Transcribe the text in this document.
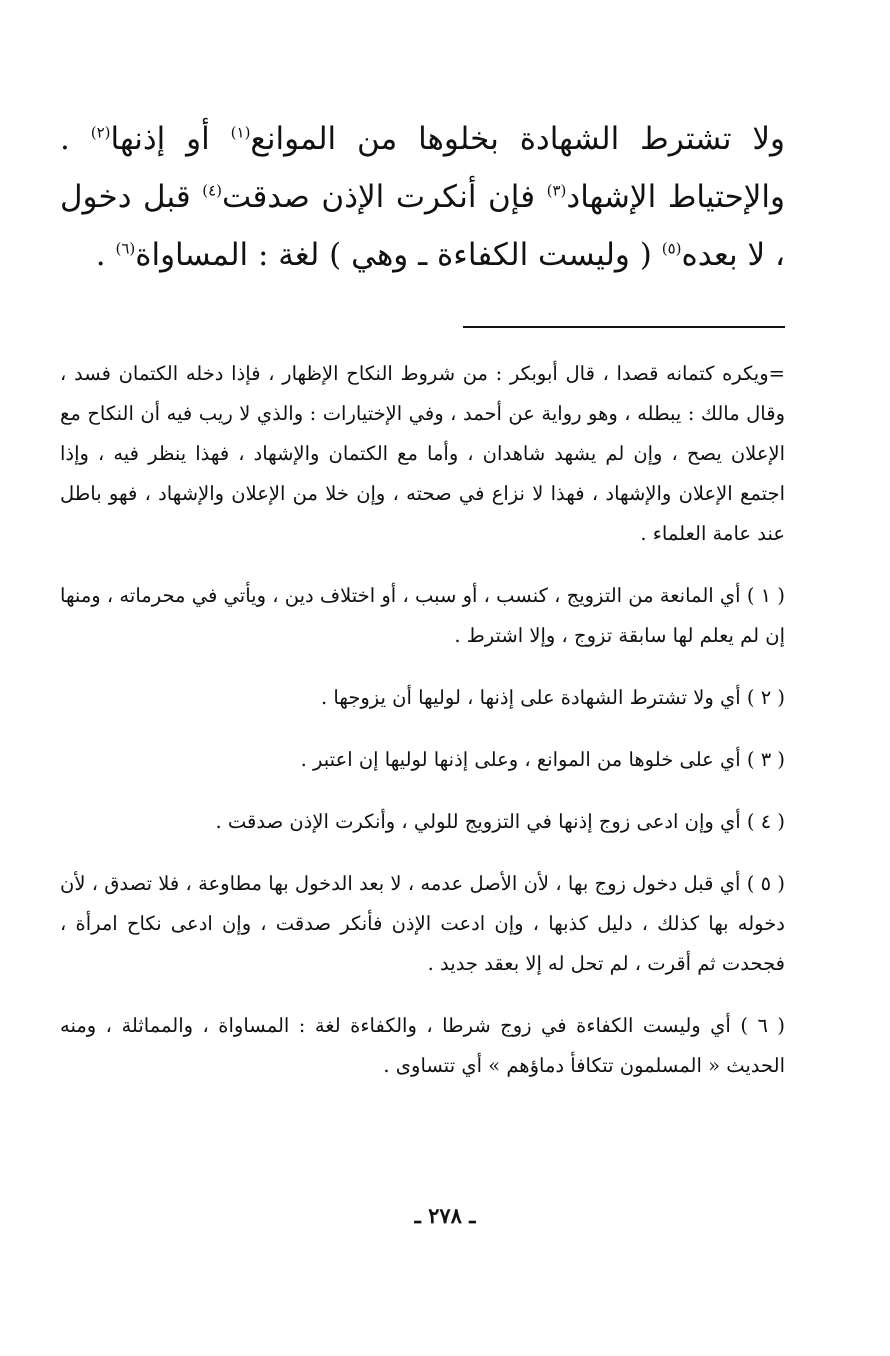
ولا تشترط الشهادة بخلوها من الموانع$^{(١)}$ أو إذنها$^{(٢)}$ . والإحتياط الإشهاد$^{(٣)}$ فإن أنكرت الإذن صدقت$^{(٤)}$ قبل دخول ، لا بعده$^{(٥)}$ ( وليست الكفاءة ـ وهي ) لغة : المساواة$^{(٦)}$ .

=ويكره كتمانه قصدا ، قال أبوبكر : من شروط النكاح الإظهار ، فإذا دخله الكتمان فسد ، وقال مالك : يبطله ، وهو رواية عن أحمد ، وفي الإختيارات : والذي لا ريب فيه أن النكاح مع الإعلان يصح ، وإن لم يشهد شاهدان ، وأما مع الكتمان والإشهاد ، فهذا ينظر فيه ، وإذا اجتمع الإعلان والإشهاد ، فهذا لا نزاع في صحته ، وإن خلا من الإعلان والإشهاد ، فهو باطل عند عامة العلماء .

( ١ ) أي المانعة من التزويج ، كنسب ، أو سبب ، أو اختلاف دين ، ويأتي في محرماته ، ومنها إن لم يعلم لها سابقة تزوج ، وإلا اشترط .

( ٢ ) أي ولا تشترط الشهادة على إذنها ، لوليها أن يزوجها .

( ٣ ) أي على خلوها من الموانع ، وعلى إذنها لوليها إن اعتبر .

( ٤ ) أي وإن ادعى زوج إذنها في التزويج للولي ، وأنكرت الإذن صدقت .

( ٥ ) أي قبل دخول زوج بها ، لأن الأصل عدمه ، لا بعد الدخول بها مطاوعة ، فلا تصدق ، لأن دخوله بها كذلك ، دليل كذبها ، وإن ادعت الإذن فأنكر صدقت ، وإن ادعى نكاح امرأة ، فجحدت ثم أقرت ، لم تحل له إلا بعقد جديد .

( ٦ ) أي وليست الكفاءة في زوج شرطا ، والكفاءة لغة : المساواة ، والمماثلة ، ومنه الحديث « المسلمون تتكافأ دماؤهم » أي تتساوى .

ـ ٢٧٨ ـ
